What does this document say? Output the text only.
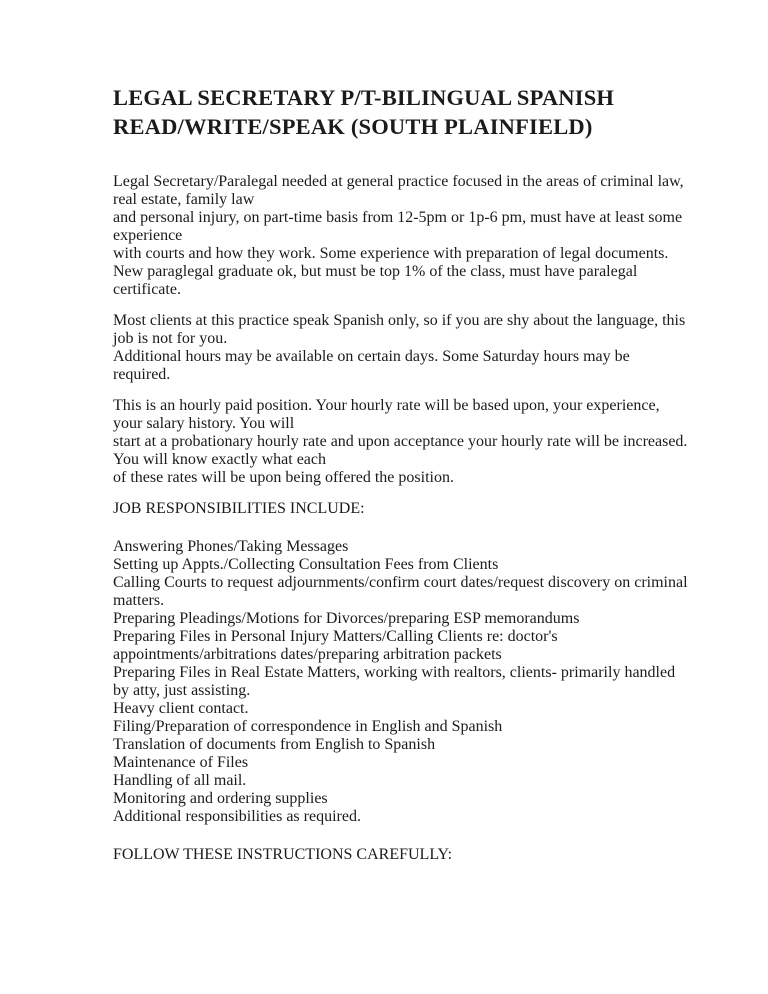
LEGAL SECRETARY P/T-BILINGUAL SPANISH
READ/WRITE/SPEAK (SOUTH PLAINFIELD)
Legal Secretary/Paralegal needed at general practice focused in the areas of criminal law,
real estate, family law
and personal injury, on part-time basis from 12-5pm or 1p-6 pm, must have at least some
experience
with courts and how they work. Some experience with preparation of legal documents.
New paraglegal graduate ok, but must be top 1% of the class, must have paralegal
certificate.
Most clients at this practice speak Spanish only, so if you are shy about the language, this
job is not for you.
Additional hours may be available on certain days. Some Saturday hours may be
required.
This is an hourly paid position. Your hourly rate will be based upon, your experience,
your salary history. You will
start at a probationary hourly rate and upon acceptance your hourly rate will be increased.
You will know exactly what each
of these rates will be upon being offered the position.
JOB RESPONSIBILITIES INCLUDE:
Answering Phones/Taking Messages
Setting up Appts./Collecting Consultation Fees from Clients
Calling Courts to request adjournments/confirm court dates/request discovery on criminal
matters.
Preparing Pleadings/Motions for Divorces/preparing ESP memorandums
Preparing Files in Personal Injury Matters/Calling Clients re: doctor's
appointments/arbitrations dates/preparing arbitration packets
Preparing Files in Real Estate Matters, working with realtors, clients- primarily handled
by atty, just assisting.
Heavy client contact.
Filing/Preparation of correspondence in English and Spanish
Translation of documents from English to Spanish
Maintenance of Files
Handling of all mail.
Monitoring and ordering supplies
Additional responsibilities as required.
FOLLOW THESE INSTRUCTIONS CAREFULLY:
